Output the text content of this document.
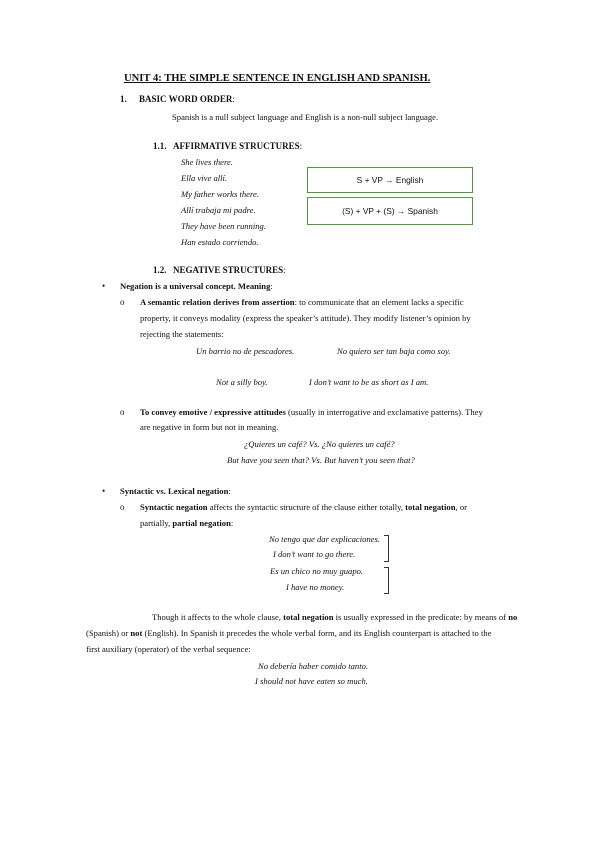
UNIT 4: THE SIMPLE SENTENCE IN ENGLISH AND SPANISH.
1. BASIC WORD ORDER:
Spanish is a null subject language and English is a non-null subject language.
1.1. AFFIRMATIVE STRUCTURES:
She lives there.
Ella vive allí.
My father works there.
Allí trabaja mi padre.
They have been running.
Han estado corriendo.
S + VP → English
(S) + VP + (S) → Spanish
1.2. NEGATIVE STRUCTURES:
• Negation is a universal concept. Meaning:
o A semantic relation derives from assertion: to communicate that an element lacks a specific
property, it conveys modality (express the speaker’s attitude). They modify listener’s opinion by
rejecting the statements:
Un barrio no de pescadores.	No quiero ser tan baja como soy.
Not a silly boy.	I don’t want to be as short as I am.
o To convey emotive / expressive attitudes (usually in interrogative and exclamative patterns). They
are negative in form but not in meaning.
¿Quieres un café? Vs. ¿No quieres un café?
But have you seen that? Vs. But haven’t you seen that?
• Syntactic vs. Lexical negation:
o Syntactic negation affects the syntactic structure of the clause either totally, total negation, or
partially, partial negation:
No tengo que dar explicaciones.
I don’t want to go there.
Es un chico no muy guapo.
I have no money.
Though it affects to the whole clause, total negation is usually expressed in the predicate: by means of no
(Spanish) or not (English). In Spanish it precedes the whole verbal form, and its English counterpart is attached to the
first auxiliary (operator) of the verbal sequence:
No debería haber comido tanto.
I should not have eaten so much.
